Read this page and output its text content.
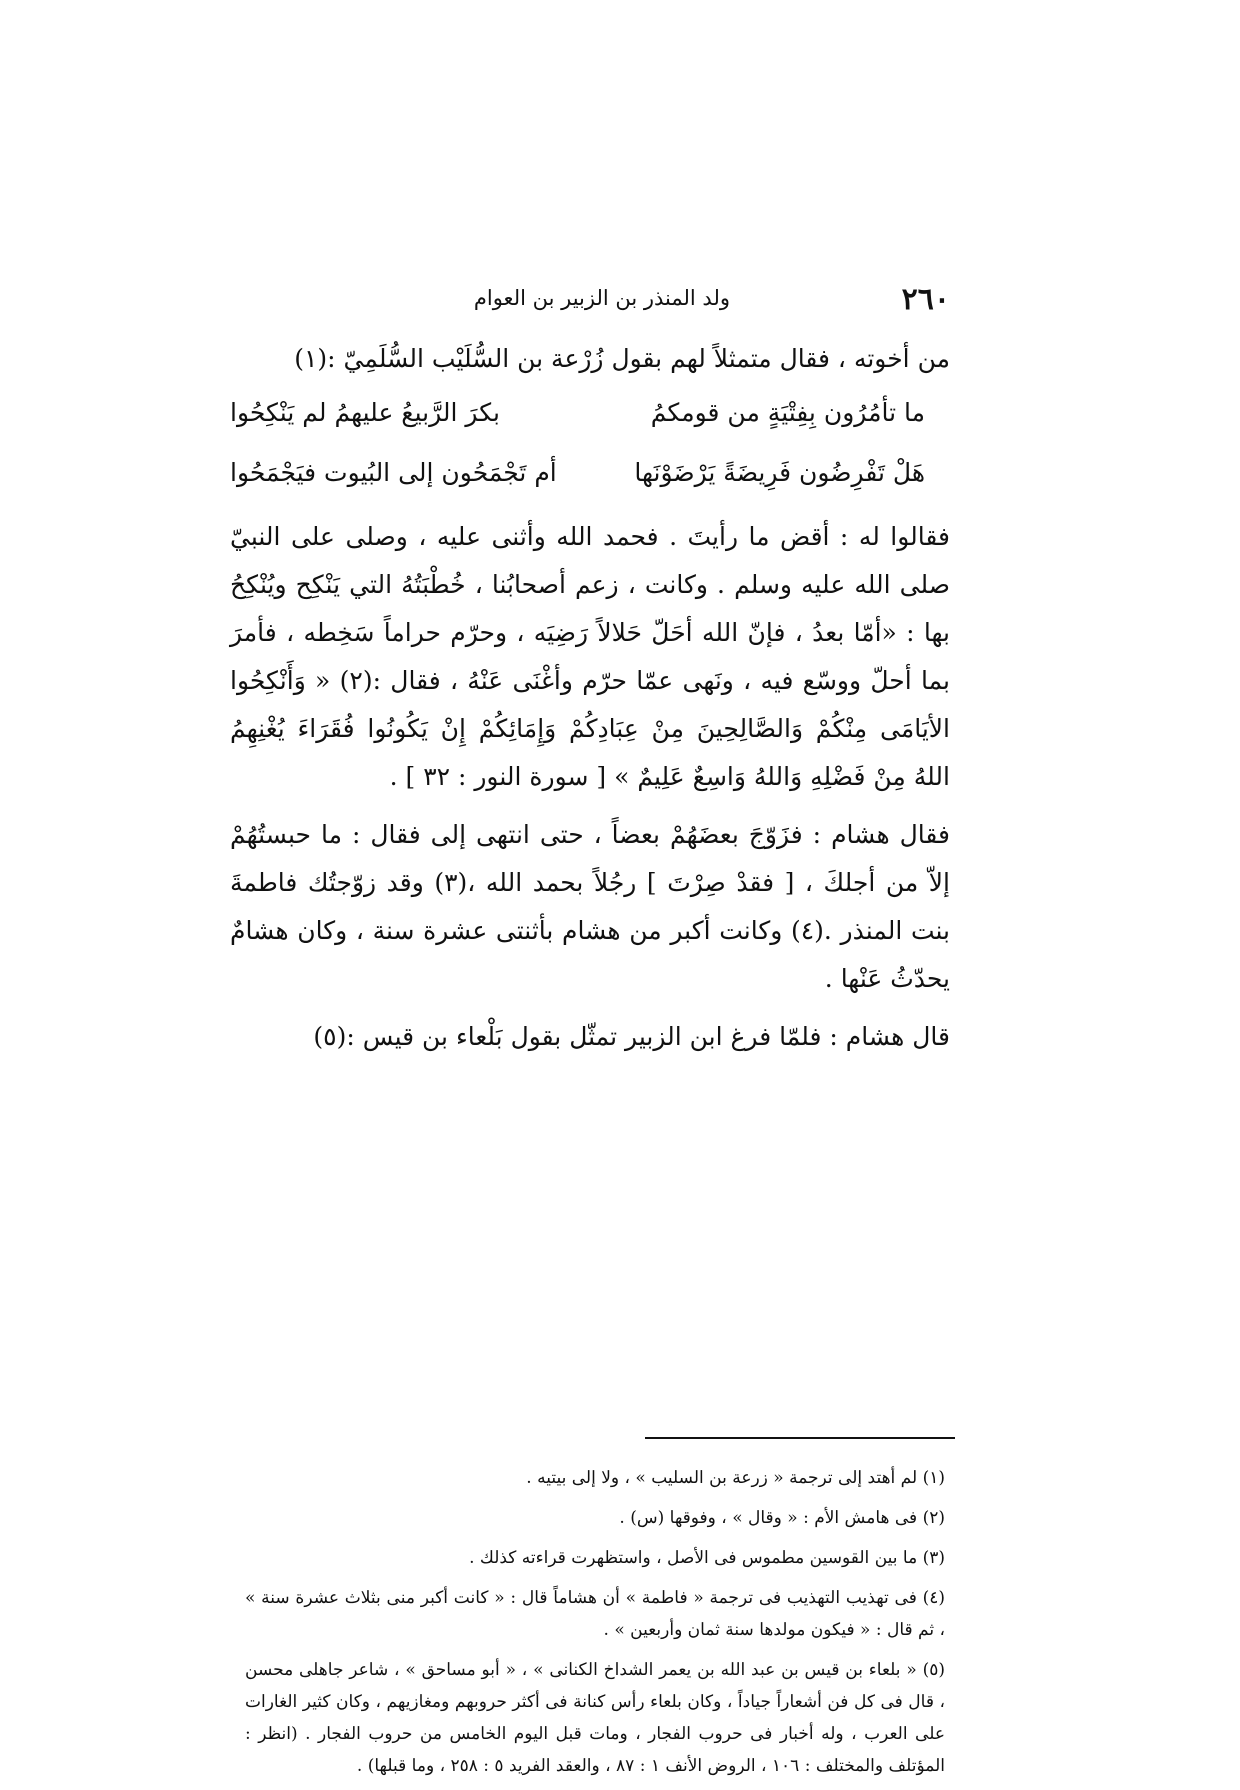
٢٦٠
ولد المنذر بن الزبير بن العوام

من أخوته ، فقال متمثلاً لهم بقول زُرْعة بن السُّلَيْب السُّلَمِيّ :(١)

ما تأمُرُون بِفِتْيَةٍ من قومكمُ
بكرَ الرَّبيعُ عليهمُ لم يَنْكِحُوا
هَلْ تَفْرِضُون فَرِيضَةً يَرْضَوْنَها
أم تَجْمَحُون إلى البُيوت فيَجْمَحُوا

فقالوا له : أقض ما رأيتَ . فحمد الله وأثنى عليه ، وصلى على النبيّ صلى الله عليه وسلم . وكانت ، زعم أصحابُنا ، خُطْبَتُهُ التي يَنْكِح ويُنْكِحُ بها : «أمّا بعدُ ، فإنّ الله أحَلّ حَلالاً رَضِيَه ، وحرّم حراماً سَخِطه ، فأمرَ بما أحلّ ووسّع فيه ، ونَهى عمّا حرّم وأغْنَى عَنْهُ ، فقال :(٢) « وَأَنْكِحُوا الأيَامَى مِنْكُمْ وَالصَّالِحِينَ مِنْ عِبَادِكُمْ وَإِمَائِكُمْ إِنْ يَكُونُوا فُقَرَاءَ يُغْنِهِمُ اللهُ مِنْ فَضْلِهِ وَاللهُ وَاسِعٌ عَلِيمٌ » [ سورة النور : ٣٢ ] .

فقال هشام : فزَوّجَ بعضَهُمْ بعضاً ، حتى انتهى إلى فقال : ما حبستُهُمْ إلاّ من أجلكَ ، [ فقدْ صِرْتَ ] رجُلاً بحمد الله ،(٣) وقد زوّجتُك فاطمةَ بنت المنذر .(٤) وكانت أكبر من هشام بأثنتى عشرة سنة ، وكان هشامٌ يحدّثُ عَنْها .

قال هشام : فلمّا فرغ ابن الزبير تمثّل بقول بَلْعاء بن قيس :(٥)

(١) لم أهتد إلى ترجمة « زرعة بن السليب » ، ولا إلى بيتيه .

(٢) فى هامش الأم : « وقال » ، وفوقها (س) .

(٣) ما بين القوسين مطموس فى الأصل ، واستظهرت قراءته كذلك .

(٤) فى تهذيب التهذيب فى ترجمة « فاطمة » أن هشاماً قال : « كانت أكبر منى بثلاث عشرة سنة » ، ثم قال : « فيكون مولدها سنة ثمان وأربعين » .

(٥) « بلعاء بن قيس بن عبد الله بن يعمر الشداخ الكنانى » ، « أبو مساحق » ، شاعر جاهلى محسن ، قال فى كل فن أشعاراً جياداً ، وكان بلعاء رأس كنانة فى أكثر حروبهم ومغازيهم ، وكان كثير الغارات على العرب ، وله أخبار فى حروب الفجار ، ومات قبل اليوم الخامس من حروب الفجار . (انظر : المؤتلف والمختلف : ١٠٦ ، الروض الأنف ١ : ٨٧ ، والعقد الفريد ٥ : ٢٥٨ ، وما قبلها) .
